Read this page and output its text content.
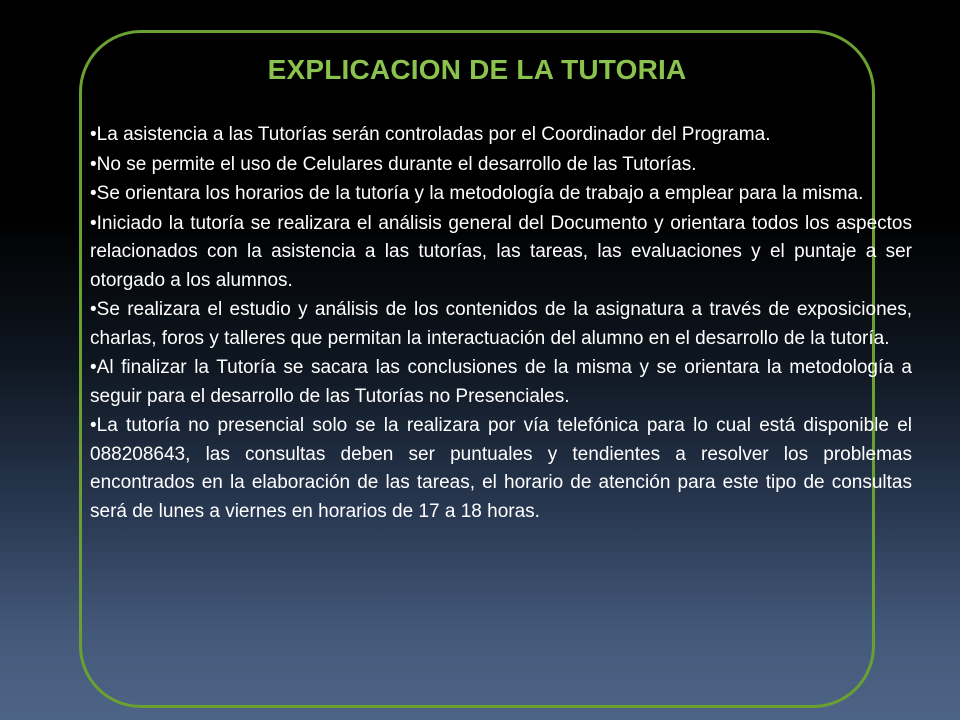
EXPLICACION DE LA TUTORIA
•La asistencia a las Tutorías serán controladas por el Coordinador del Programa.
•No se permite el uso de Celulares durante el desarrollo de las Tutorías.
•Se orientara los horarios de la tutoría y la metodología de trabajo a emplear para la misma.
•Iniciado la tutoría se realizara el análisis general del Documento y orientara todos los aspectos relacionados con la asistencia a las tutorías, las tareas, las evaluaciones y el puntaje a ser otorgado a los alumnos.
•Se realizara el estudio y análisis de los contenidos de la asignatura a través de exposiciones, charlas, foros y talleres que permitan la interactuación del alumno en el desarrollo de la tutoría.
•Al finalizar la Tutoría se sacara las conclusiones de la misma y se orientara la metodología a seguir para el desarrollo de las Tutorías no Presenciales.
•La tutoría no presencial solo se la realizara por vía telefónica para lo cual está disponible el 088208643, las consultas deben ser puntuales y tendientes a resolver los problemas encontrados en la elaboración de las tareas, el horario de atención para este tipo de consultas será de lunes a viernes en horarios de 17 a 18 horas.
